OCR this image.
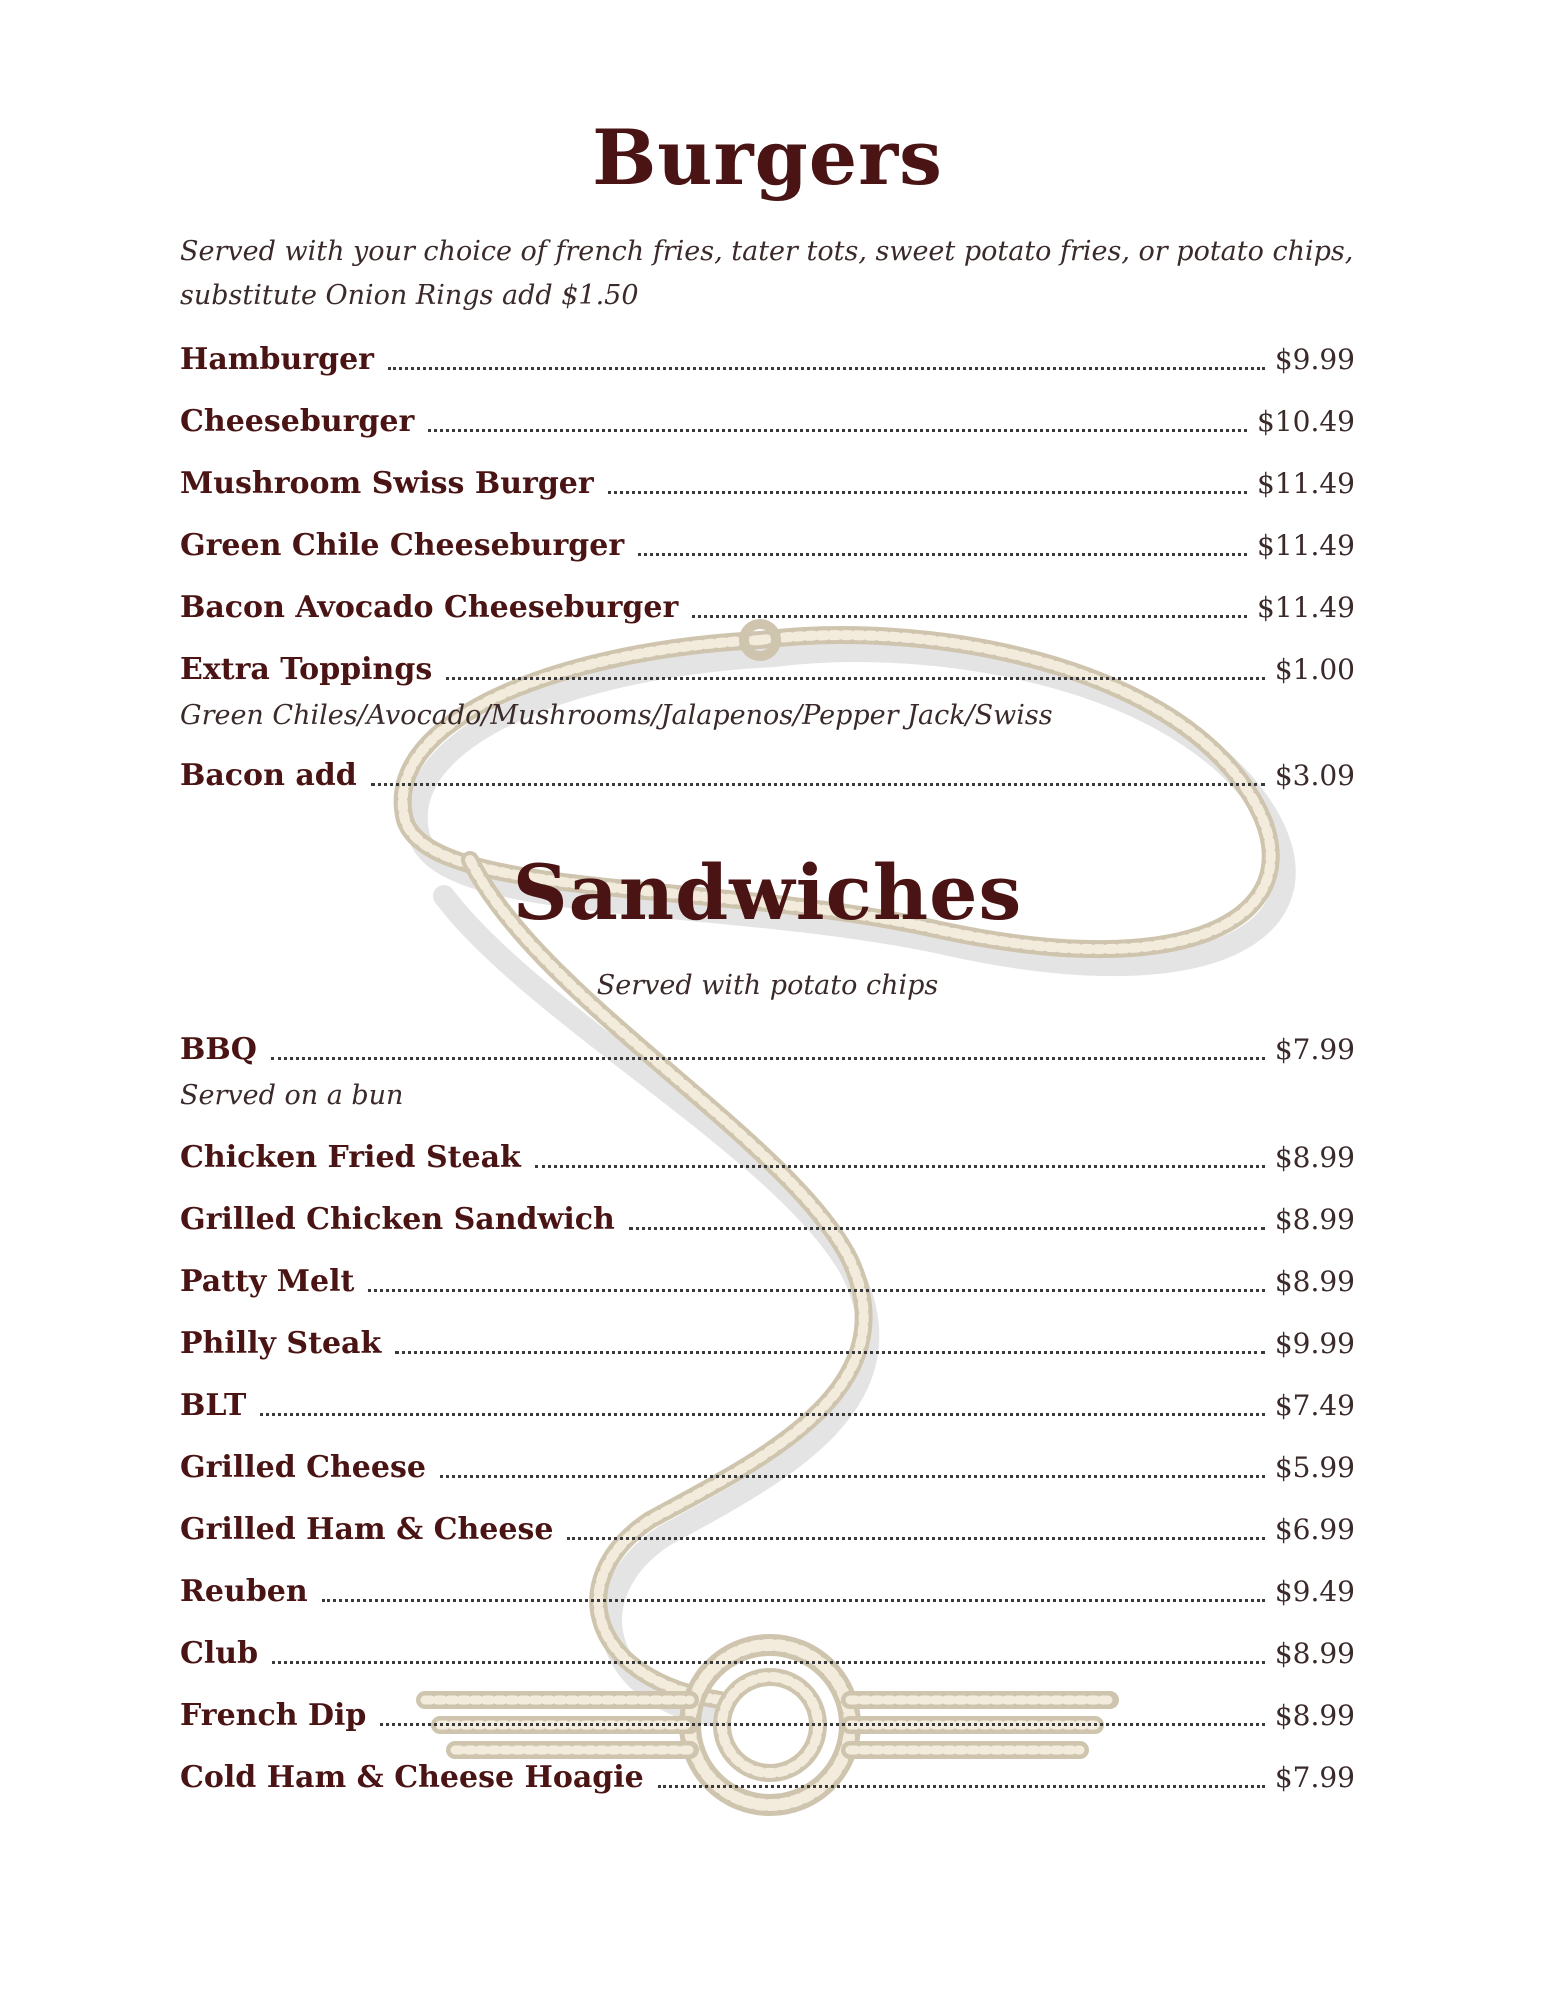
Burgers
Served with your choice of french fries, tater tots, sweet potato fries, or potato chips,
substitute Onion Rings add $1.50
Hamburger	$9.99
Cheeseburger	$10.49
Mushroom Swiss Burger	$11.49
Green Chile Cheeseburger	$11.49
Bacon Avocado Cheeseburger	$11.49
Extra Toppings	$1.00
Green Chiles/Avocado/Mushrooms/Jalapenos/Pepper Jack/Swiss
Bacon add	$3.09
Sandwiches
Served with potato chips
BBQ	$7.99
Served on a bun
Chicken Fried Steak	$8.99
Grilled Chicken Sandwich	$8.99
Patty Melt	$8.99
Philly Steak	$9.99
BLT	$7.49
Grilled Cheese	$5.99
Grilled Ham & Cheese	$6.99
Reuben	$9.49
Club	$8.99
French Dip	$8.99
Cold Ham & Cheese Hoagie	$7.99
